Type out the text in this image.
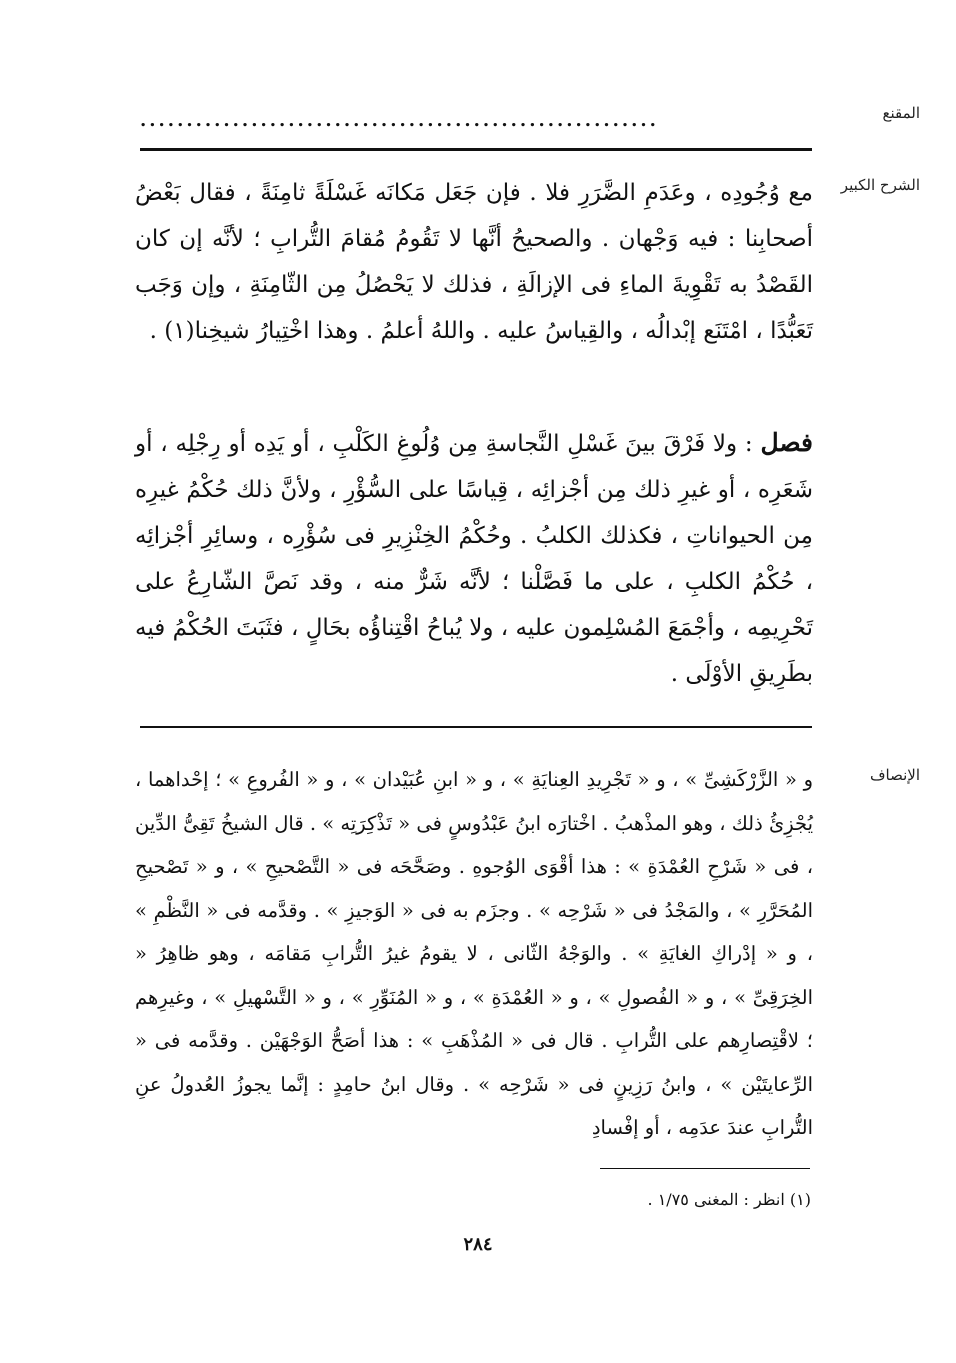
المقنع
........................................................
الشرح الكبير

مع وُجُودِه ، وعَدَمِ الضَّرَرِ فلا . فإن جَعَل مَكانَه غَسْلَةً ثامِنَةً ، فقال بَعْضُ أصحابِنا : فيه وَجْهان . والصحيحُ أنَّها لا تَقُومُ مُقامَ التُّرابِ ؛ لأنَّه إن كان القَصْدُ به تَقْوِيةَ الماءِ فى الإزالَةِ ، فذلك لا يَحْصُلُ مِن الثّامِنَةِ ، وإن وَجَب تَعَبُّدًا ، امْتَنَع إبْدالُه ، والقِياسُ عليه . واللهُ أعلمُ . وهذا اخْتِيارُ شيخِنا(١) .

فصل : ولا فَرْقَ بينَ غَسْلِ النَّجاسةِ مِن وُلُوغِ الكَلْبِ ، أو يَدِه أو رِجْلِه ، أو شَعَرِه ، أو غيرِ ذلك مِن أجْزائِه ، قِياسًا على السُّؤْرِ ، ولأنَّ ذلك حُكْمُ غيرِه مِن الحيواناتِ ، فكذلك الكلبُ . وحُكْمُ الخِنْزِيرِ فى سُؤْرِه ، وسائِرِ أجْزائِه ، حُكْمُ الكلبِ ، على ما فَصَّلْنا ؛ لأنَّه شَرٌّ منه ، وقد نَصَّ الشّارِعُ على تَحْرِيمِه ، وأجْمَعَ المُسْلِمون عليه ، ولا يُباحُ اقْتِناؤُه بحَالٍ ، فثَبَتَ الحُكْمُ فيه بطَرِيقِ الأوْلَى .

الإنصاف

و « الزَّرْكَشِىِّ » ، و « تَجْرِيدِ العِنايَةِ » ، و « ابنِ عُبَيْدان » ، و « الفُروعِ » ؛ إحْداهما ، يُجْزِئُ ذلك ، وهو المذْهبُ . اخْتارَه ابنُ عَبْدُوسٍ فى « تَذْكِرَتِه » . قال الشيخُ تَقِىُّ الدِّين ، فى « شَرْحِ العُمْدَةِ » : هذا أقْوَى الوُجوهِ . وصَحَّحَه فى « التَّصْحيحِ » ، و « تَصْحيحِ المُحَرَّرِ » ، والمَجْدُ فى « شَرْحِه » . وجزَم به فى « الوَجيزِ » . وقدَّمه فى « النَّظْمِ » ، و « إدْراكِ الغايَةِ » . والوَجْهُ الثّانى ، لا يقومُ غيرُ التُّرابِ مَقامَه ، وهو ظاهِرُ « الخِرَقِىِّ » ، و « الفُصولِ » ، و « العُمْدَةِ » ، و « المُنَوِّرِ » ، و « التَّسْهيلِ » ، وغيرِهم ؛ لاقْتِصارِهم على التُّرابِ . قال فى « المُذْهَبِ » : هذا أصَحُّ الوَجْهَيْن . وقدَّمه فى « الرِّعايتَيْن » ، وابنُ رَزِينٍ فى « شَرْحِه » . وقال ابنُ حامِدٍ : إنَّما يجوزُ العُدولُ عنِ التُّرابِ عندَ عدَمِه ، أو إفْسادِ

(١) انظر : المغنى ١/٧٥ .
٢٨٤
